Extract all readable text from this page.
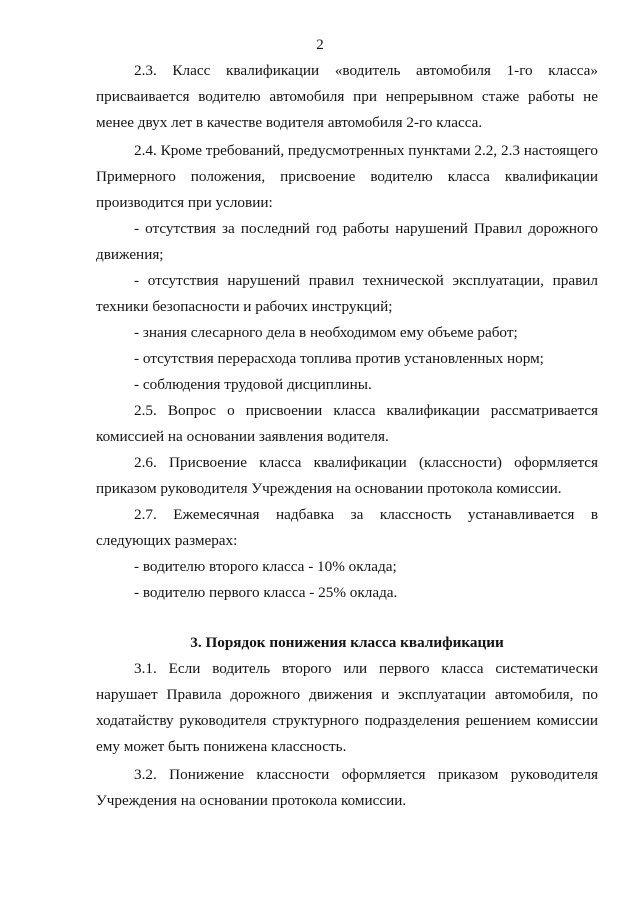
2

2.3. Класс квалификации «водитель автомобиля 1-го класса» присваивается водителю автомобиля при непрерывном стаже работы не менее двух лет в качестве водителя автомобиля 2-го класса.

2.4. Кроме требований, предусмотренных пунктами 2.2, 2.3 настоящего Примерного положения, присвоение водителю класса квалификации производится при условии:

- отсутствия за последний год работы нарушений Правил дорожного движения;

- отсутствия нарушений правил технической эксплуатации, правил техники безопасности и рабочих инструкций;

- знания слесарного дела в необходимом ему объеме работ;

- отсутствия перерасхода топлива против установленных норм;

- соблюдения трудовой дисциплины.

2.5. Вопрос о присвоении класса квалификации рассматривается комиссией на основании заявления водителя.

2.6. Присвоение класса квалификации (классности) оформляется приказом руководителя Учреждения на основании протокола комиссии.

2.7. Ежемесячная надбавка за классность устанавливается в следующих размерах:

- водителю второго класса - 10% оклада;

- водителю первого класса - 25% оклада.

3. Порядок понижения класса квалификации

3.1. Если водитель второго или первого класса систематически нарушает Правила дорожного движения и эксплуатации автомобиля, по ходатайству руководителя структурного подразделения решением комиссии ему может быть понижена классность.

3.2. Понижение классности оформляется приказом руководителя Учреждения на основании протокола комиссии.
